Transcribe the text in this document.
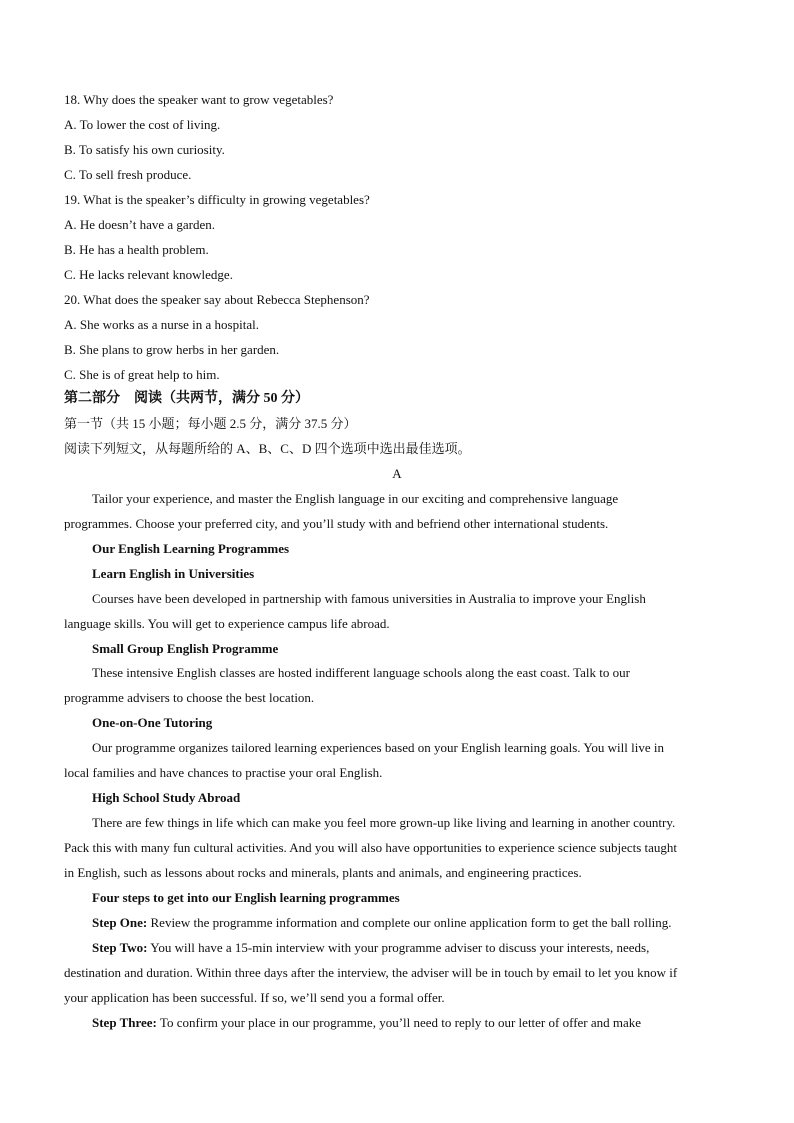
18. Why does the speaker want to grow vegetables?
A. To lower the cost of living.
B. To satisfy his own curiosity.
C. To sell fresh produce.
19. What is the speaker’s difficulty in growing vegetables?
A. He doesn’t have a garden.
B. He has a health problem.
C. He lacks relevant knowledge.
20. What does the speaker say about Rebecca Stephenson?
A. She works as a nurse in a hospital.
B. She plans to grow herbs in her garden.
C. She is of great help to him.
第二部分　阅读（共两节，满分 50 分）
第一节（共 15 小题；每小题 2.5 分，满分 37.5 分）
阅读下列短文，从每题所给的 A、B、C、D 四个选项中选出最佳选项。
A
Tailor your experience, and master the English language in our exciting and comprehensive language
programmes. Choose your preferred city, and you’ll study with and befriend other international students.
Our English Learning Programmes
Learn English in Universities
Courses have been developed in partnership with famous universities in Australia to improve your English
language skills. You will get to experience campus life abroad.
Small Group English Programme
These intensive English classes are hosted indifferent language schools along the east coast. Talk to our
programme advisers to choose the best location.
One-on-One Tutoring
Our programme organizes tailored learning experiences based on your English learning goals. You will live in
local families and have chances to practise your oral English.
High School Study Abroad
There are few things in life which can make you feel more grown-up like living and learning in another country.
Pack this with many fun cultural activities. And you will also have opportunities to experience science subjects taught
in English, such as lessons about rocks and minerals, plants and animals, and engineering practices.
Four steps to get into our English learning programmes
Step One: Review the programme information and complete our online application form to get the ball rolling.
Step Two: You will have a 15-min interview with your programme adviser to discuss your interests, needs,
destination and duration. Within three days after the interview, the adviser will be in touch by email to let you know if
your application has been successful. If so, we’ll send you a formal offer.
Step Three: To confirm your place in our programme, you’ll need to reply to our letter of offer and make
